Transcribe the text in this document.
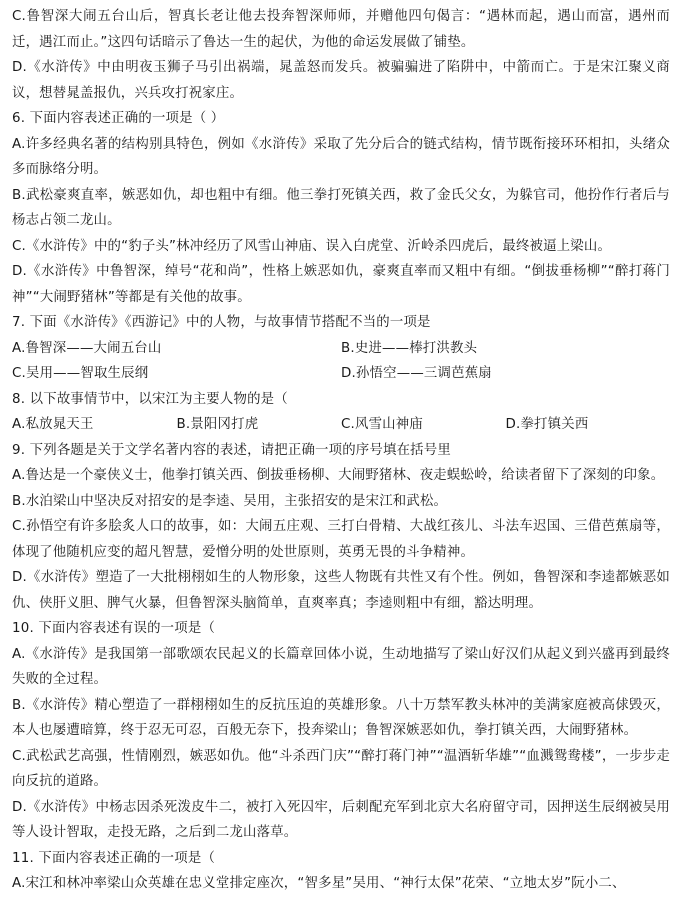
C.鲁智深大闹五台山后，智真长老让他去投奔智深师师，并赠他四句偈言：“遇林而起，遇山而富，遇州而迁，遇江而止。”这四句话暗示了鲁达一生的起伏，为他的命运发展做了铺垫。

D.《水浒传》中由明夜玉狮子马引出祸端，晁盖怒而发兵。被骗骗进了陷阱中，中箭而亡。于是宋江聚义商议，想替晁盖报仇，兴兵攻打祝家庄。

6. 下面内容表述正确的一项是（ ）

A.许多经典名著的结构别具特色，例如《水浒传》采取了先分后合的链式结构，情节既衔接环环相扣，头绪众多而脉络分明。

B.武松豪爽直率，嫉恶如仇，却也粗中有细。他三拳打死镇关西，救了金氏父女，为躲官司，他扮作行者后与杨志占领二龙山。

C.《水浒传》中的“豹子头”林冲经历了风雪山神庙、误入白虎堂、沂岭杀四虎后，最终被逼上梁山。

D.《水浒传》中鲁智深，绰号“花和尚”，性格上嫉恶如仇，豪爽直率而又粗中有细。“倒拔垂杨柳”“醉打蒋门神”“大闹野猪林”等都是有关他的故事。

7. 下面《水浒传》《西游记》中的人物，与故事情节搭配不当的一项是

A.鲁智深——大闹五台山	B.史进——棒打洪教头
C.吴用——智取生辰纲	D.孙悟空——三调芭蕉扇

8. 以下故事情节中，以宋江为主要人物的是（

A.私放晁天王	B.景阳冈打虎	C.风雪山神庙	D.拳打镇关西

9. 下列各题是关于文学名著内容的表述，请把正确一项的序号填在括号里

A.鲁达是一个豪侠义士，他拳打镇关西、倒拔垂杨柳、大闹野猪林、夜走蜈蚣岭，给读者留下了深刻的印象。

B.水泊梁山中坚决反对招安的是李逵、吴用，主张招安的是宋江和武松。

C.孙悟空有许多脍炙人口的故事，如：大闹五庄观、三打白骨精、大战红孩儿、斗法车迟国、三借芭蕉扇等，体现了他随机应变的超凡智慧，爱憎分明的处世原则，英勇无畏的斗争精神。

D.《水浒传》塑造了一大批栩栩如生的人物形象，这些人物既有共性又有个性。例如，鲁智深和李逵都嫉恶如仇、侠肝义胆、脾气火暴，但鲁智深头脑简单，直爽率真；李逵则粗中有细，豁达明理。

10. 下面内容表述有误的一项是（

A.《水浒传》是我国第一部歌颂农民起义的长篇章回体小说，生动地描写了梁山好汉们从起义到兴盛再到最终失败的全过程。

B.《水浒传》精心塑造了一群栩栩如生的反抗压迫的英雄形象。八十万禁军教头林冲的美满家庭被高俅毁灭，本人也屡遭暗算，终于忍无可忍，百般无奈下，投奔梁山；鲁智深嫉恶如仇，拳打镇关西，大闹野猪林。

C.武松武艺高强，性情刚烈，嫉恶如仇。他“斗杀西门庆”“醉打蒋门神”“温酒斩华雄”“血溅鸳鸯楼”，一步步走向反抗的道路。

D.《水浒传》中杨志因杀死泼皮牛二，被打入死囚牢，后刺配充军到北京大名府留守司，因押送生辰纲被吴用等人设计智取，走投无路，之后到二龙山落草。

11. 下面内容表述正确的一项是（

A.宋江和林冲率梁山众英雄在忠义堂排定座次，“智多星”吴用、“神行太保”花荣、“立地太岁”阮小二、
